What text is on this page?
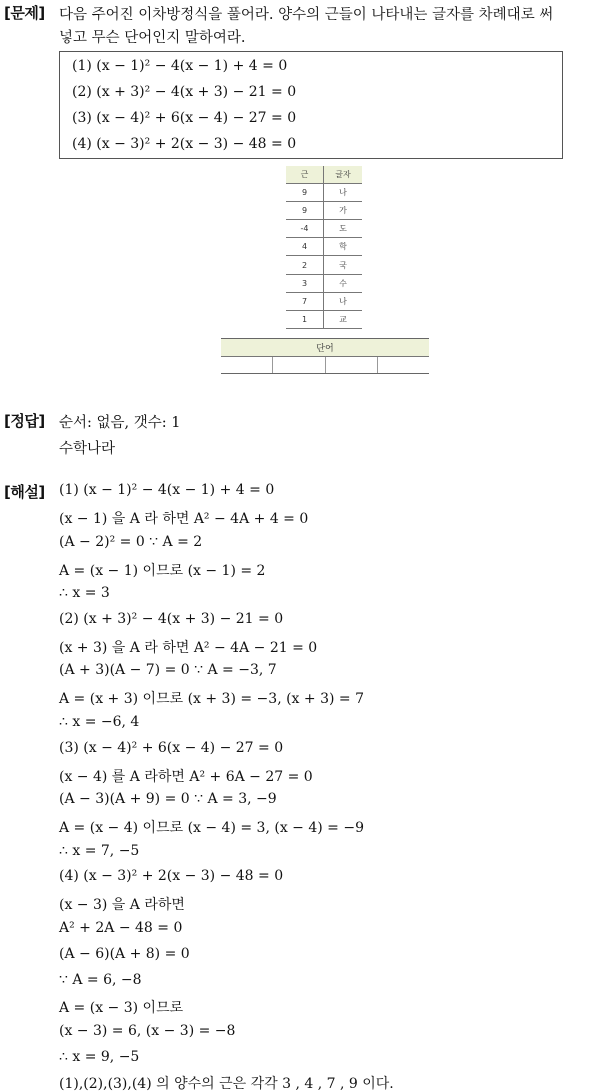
[문제] 다음 주어진 이차방정식을 풀어라. 양수의 근들이 나타내는 글자를 차례대로 써
넣고 무슨 단어인지 말하여라.
(1) (x − 1)² − 4(x − 1) + 4 = 0
(2) (x + 3)² − 4(x + 3) − 21 = 0
(3) (x − 4)² + 6(x − 4) − 27 = 0
(4) (x − 3)² + 2(x − 3) − 48 = 0
근	글자
9	나
9	가
-4	도
4	학
2	국
3	수
7	나
1	교
단어
[정답] 순서: 없음, 갯수: 1
수학나라
[해설] (1) (x − 1)² − 4(x − 1) + 4 = 0
(x − 1) 을 A 라 하면 A² − 4A + 4 = 0
(A − 2)² = 0 ∵ A = 2
A = (x − 1) 이므로 (x − 1) = 2
∴ x = 3
(2) (x + 3)² − 4(x + 3) − 21 = 0
(x + 3) 을 A 라 하면 A² − 4A − 21 = 0
(A + 3)(A − 7) = 0 ∵ A = −3, 7
A = (x + 3) 이므로 (x + 3) = −3, (x + 3) = 7
∴ x = −6, 4
(3) (x − 4)² + 6(x − 4) − 27 = 0
(x − 4) 를 A 라하면 A² + 6A − 27 = 0
(A − 3)(A + 9) = 0 ∵ A = 3, −9
A = (x − 4) 이므로 (x − 4) = 3, (x − 4) = −9
∴ x = 7, −5
(4) (x − 3)² + 2(x − 3) − 48 = 0
(x − 3) 을 A 라하면
A² + 2A − 48 = 0
(A − 6)(A + 8) = 0
∵ A = 6, −8
A = (x − 3) 이므로
(x − 3) = 6, (x − 3) = −8
∴ x = 9, −5
(1),(2),(3),(4) 의 양수의 근은 각각 3 , 4 , 7 , 9 이다.
